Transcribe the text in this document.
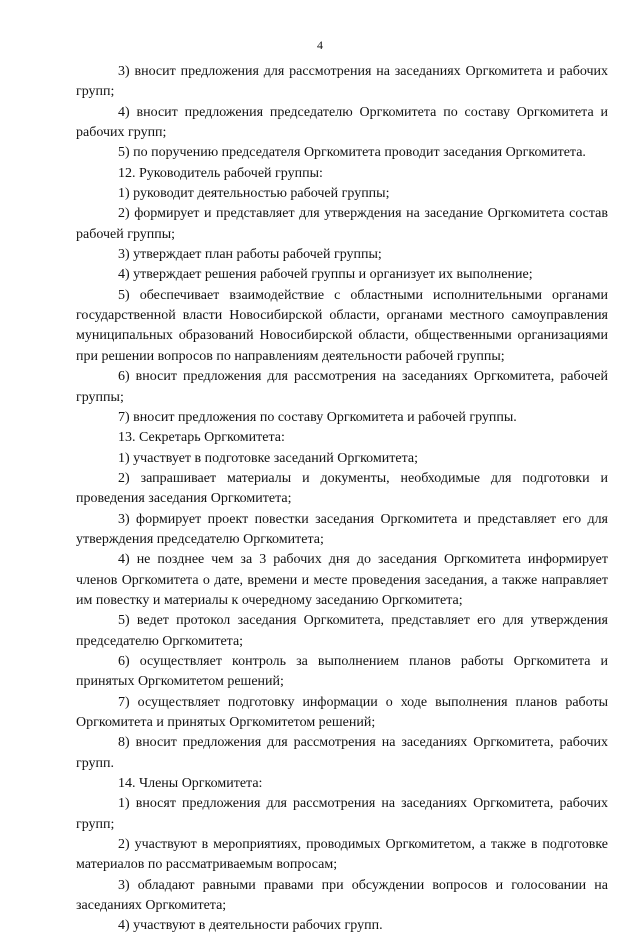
4

3) вносит предложения для рассмотрения на заседаниях Оргкомитета и рабочих групп;

4) вносит предложения председателю Оргкомитета по составу Оргкомитета и рабочих групп;

5) по поручению председателя Оргкомитета проводит заседания Оргкомитета.

12. Руководитель рабочей группы:

1) руководит деятельностью рабочей группы;

2) формирует и представляет для утверждения на заседание Оргкомитета состав рабочей группы;

3) утверждает план работы рабочей группы;

4) утверждает решения рабочей группы и организует их выполнение;

5) обеспечивает взаимодействие с областными исполнительными органами государственной власти Новосибирской области, органами местного самоуправления муниципальных образований Новосибирской области, общественными организациями при решении вопросов по направлениям деятельности рабочей группы;

6) вносит предложения для рассмотрения на заседаниях Оргкомитета, рабочей группы;

7) вносит предложения по составу Оргкомитета и рабочей группы.

13. Секретарь Оргкомитета:

1) участвует в подготовке заседаний Оргкомитета;

2) запрашивает материалы и документы, необходимые для подготовки и проведения заседания Оргкомитета;

3) формирует проект повестки заседания Оргкомитета и представляет его для утверждения председателю Оргкомитета;

4) не позднее чем за 3 рабочих дня до заседания Оргкомитета информирует членов Оргкомитета о дате, времени и месте проведения заседания, а также направляет им повестку и материалы к очередному заседанию Оргкомитета;

5) ведет протокол заседания Оргкомитета, представляет его для утверждения председателю Оргкомитета;

6) осуществляет контроль за выполнением планов работы Оргкомитета и принятых Оргкомитетом решений;

7) осуществляет подготовку информации о ходе выполнения планов работы Оргкомитета и принятых Оргкомитетом решений;

8) вносит предложения для рассмотрения на заседаниях Оргкомитета, рабочих групп.

14. Члены Оргкомитета:

1) вносят предложения для рассмотрения на заседаниях Оргкомитета, рабочих групп;

2) участвуют в мероприятиях, проводимых Оргкомитетом, а также в подготовке материалов по рассматриваемым вопросам;

3) обладают равными правами при обсуждении вопросов и голосовании на заседаниях Оргкомитета;

4) участвуют в деятельности рабочих групп.
